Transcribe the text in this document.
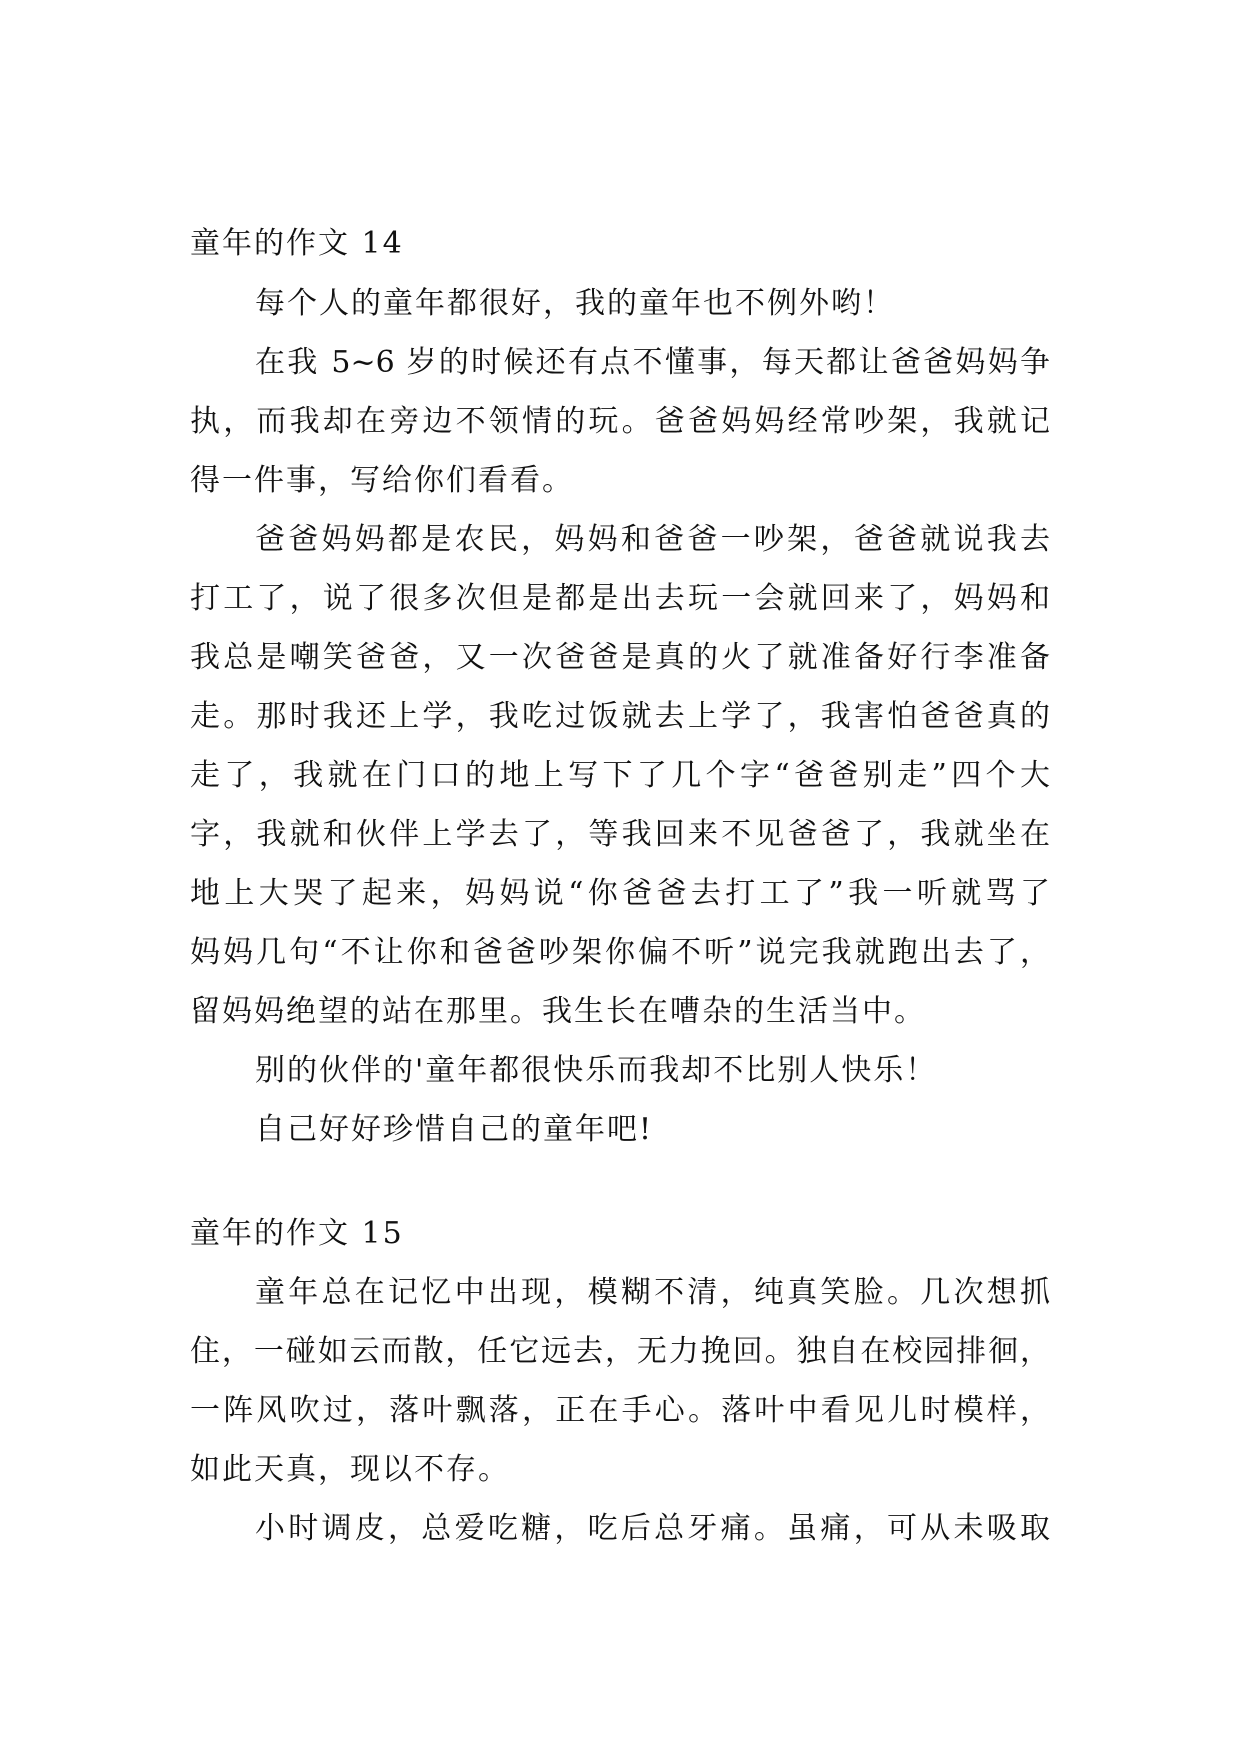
童年的作文 14
每个人的童年都很好，我的童年也不例外哟！
在我 5~6 岁的时候还有点不懂事，每天都让爸爸妈妈争
执，而我却在旁边不领情的玩。爸爸妈妈经常吵架，我就记
得一件事，写给你们看看。
爸爸妈妈都是农民，妈妈和爸爸一吵架，爸爸就说我去
打工了，说了很多次但是都是出去玩一会就回来了，妈妈和
我总是嘲笑爸爸，又一次爸爸是真的火了就准备好行李准备
走。那时我还上学，我吃过饭就去上学了，我害怕爸爸真的
走了，我就在门口的地上写下了几个字“爸爸别走”四个大
字，我就和伙伴上学去了，等我回来不见爸爸了，我就坐在
地上大哭了起来，妈妈说“你爸爸去打工了”我一听就骂了
妈妈几句“不让你和爸爸吵架你偏不听”说完我就跑出去了，
留妈妈绝望的站在那里。我生长在嘈杂的生活当中。
别的伙伴的'童年都很快乐而我却不比别人快乐！
自己好好珍惜自己的童年吧!
童年的作文 15
童年总在记忆中出现，模糊不清，纯真笑脸。几次想抓
住，一碰如云而散，任它远去，无力挽回。独自在校园排徊，
一阵风吹过，落叶飘落，正在手心。落叶中看见儿时模样，
如此天真，现以不存。
小时调皮，总爱吃糖，吃后总牙痛。虽痛，可从未吸取
